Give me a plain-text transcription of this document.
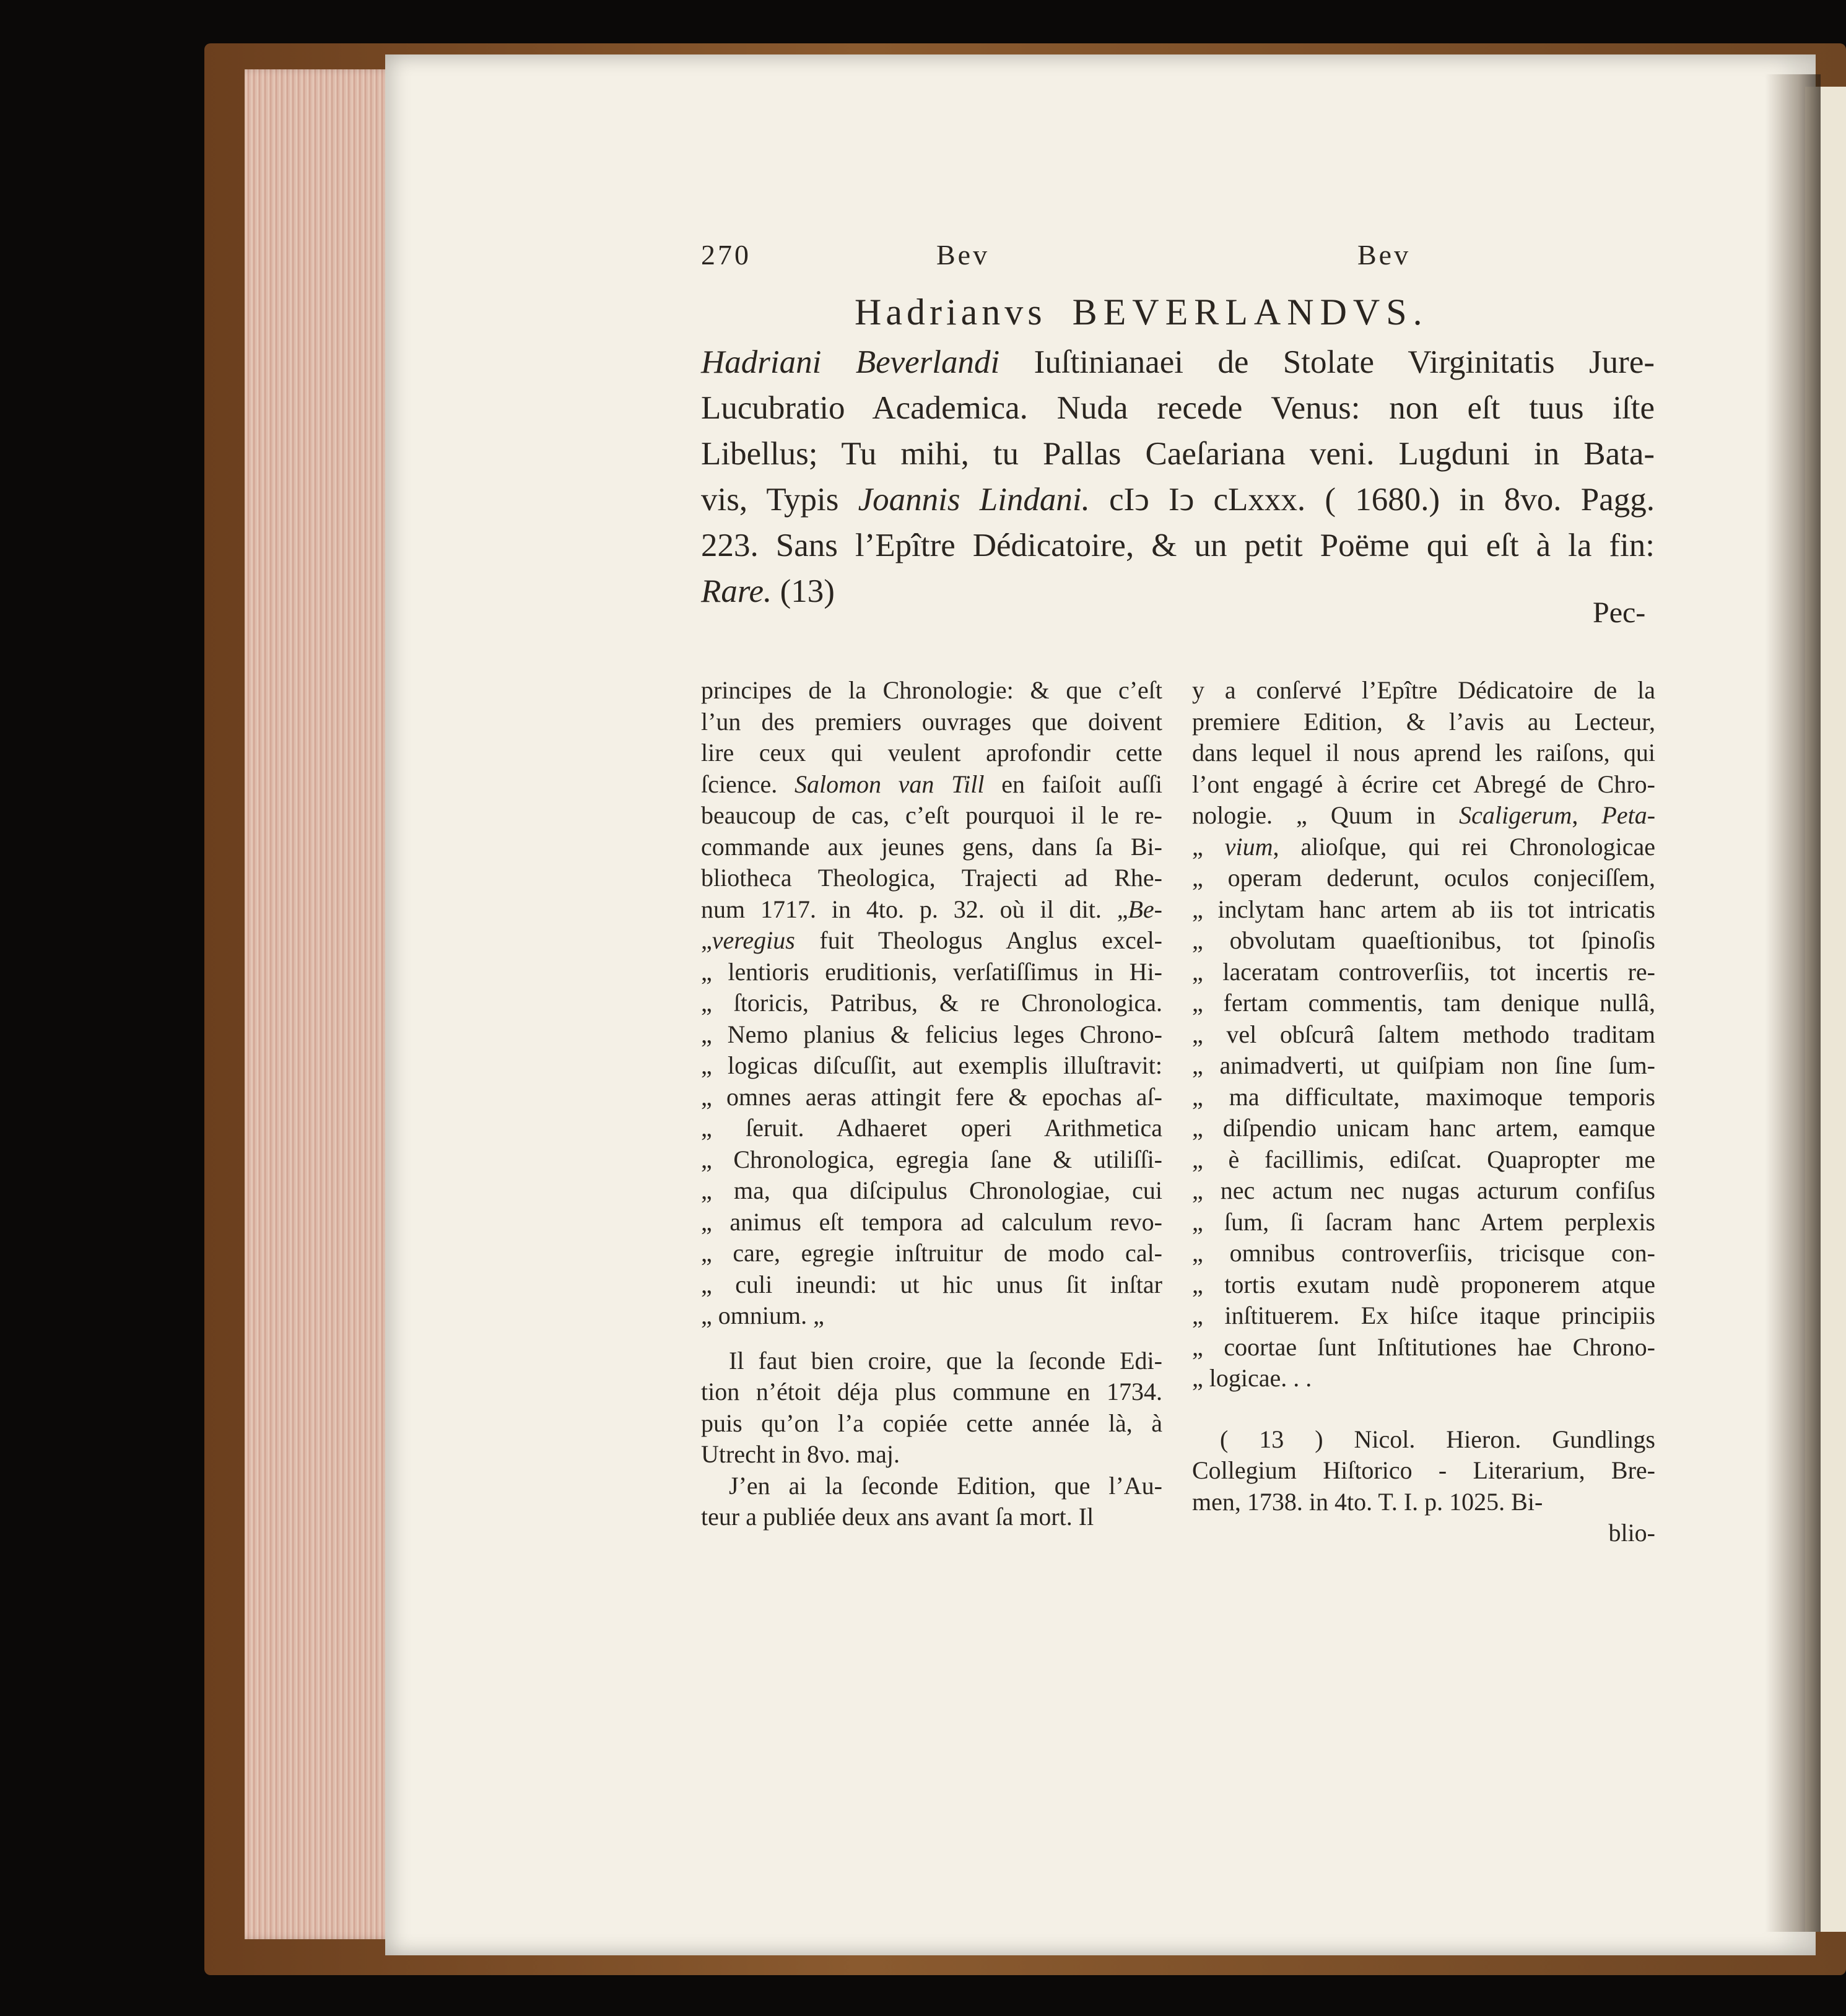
270	Bev	Bev
Hadrianvs BEVERLANDVS.
Hadriani Beverlandi Iuſtinianaei de Stolate Virginitatis Jure-
Lucubratio Academica. Nuda recede Venus: non eſt tuus iſte
Libellus; Tu mihi, tu Pallas Caeſariana veni. Lugduni in Bata-
vis, Typis Joannis Lindani. cIↄ Iↄ cLxxx. ( 1680.) in 8vo. Pagg.
223. Sans l’Epître Dédicatoire, & un petit Poëme qui eſt à la fin:
Rare. (13)
Pec-
principes de la Chronologie: & que c’eſt
l’un des premiers ouvrages que doivent
lire ceux qui veulent aprofondir cette
ſcience. Salomon van Till en faiſoit auſſi
beaucoup de cas, c’eſt pourquoi il le re-
commande aux jeunes gens, dans ſa Bi-
bliotheca Theologica, Trajecti ad Rhe-
num 1717. in 4to. p. 32. où il dit. „Be-
„veregius fuit Theologus Anglus excel-
„ lentioris eruditionis, verſatiſſimus in Hi-
„ ſtoricis, Patribus, & re Chronologica.
„ Nemo planius & felicius leges Chrono-
„ logicas diſcuſſit, aut exemplis illuſtravit:
„ omnes aeras attingit fere & epochas aſ-
„ ſeruit. Adhaeret operi Arithmetica
„ Chronologica, egregia ſane & utiliſſi-
„ ma, qua diſcipulus Chronologiae, cui
„ animus eſt tempora ad calculum revo-
„ care, egregie inſtruitur de modo cal-
„ culi ineundi: ut hic unus ſit inſtar
„ omnium. „
Il faut bien croire, que la ſeconde Edi-
tion n’étoit déja plus commune en 1734.
puis qu’on l’a copiée cette année là, à
Utrecht in 8vo. maj.
J’en ai la ſeconde Edition, que l’Au-
teur a publiée deux ans avant ſa mort. Il
y a conſervé l’Epître Dédicatoire de la
premiere Edition, & l’avis au Lecteur,
dans lequel il nous aprend les raiſons, qui
l’ont engagé à écrire cet Abregé de Chro-
nologie. „ Quum in Scaligerum, Peta-
„ vium, alioſque, qui rei Chronologicae
„ operam dederunt, oculos conjeciſſem,
„ inclytam hanc artem ab iis tot intricatis
„ obvolutam quaeſtionibus, tot ſpinoſis
„ laceratam controverſiis, tot incertis re-
„ fertam commentis, tam denique nullâ,
„ vel obſcurâ ſaltem methodo traditam
„ animadverti, ut quiſpiam non ſine ſum-
„ ma difficultate, maximoque temporis
„ diſpendio unicam hanc artem, eamque
„ è facillimis, ediſcat. Quapropter me
„ nec actum nec nugas acturum confiſus
„ ſum, ſi ſacram hanc Artem perplexis
„ omnibus controverſiis, tricisque con-
„ tortis exutam nudè proponerem atque
„ inſtituerem. Ex hiſce itaque principiis
„ coortae ſunt Inſtitutiones hae Chrono-
„ logicae. . .
( 13 ) Nicol. Hieron. Gundlings
Collegium Hiſtorico - Literarium, Bre-
men, 1738. in 4to. T. I. p. 1025. Bi-
blio-
